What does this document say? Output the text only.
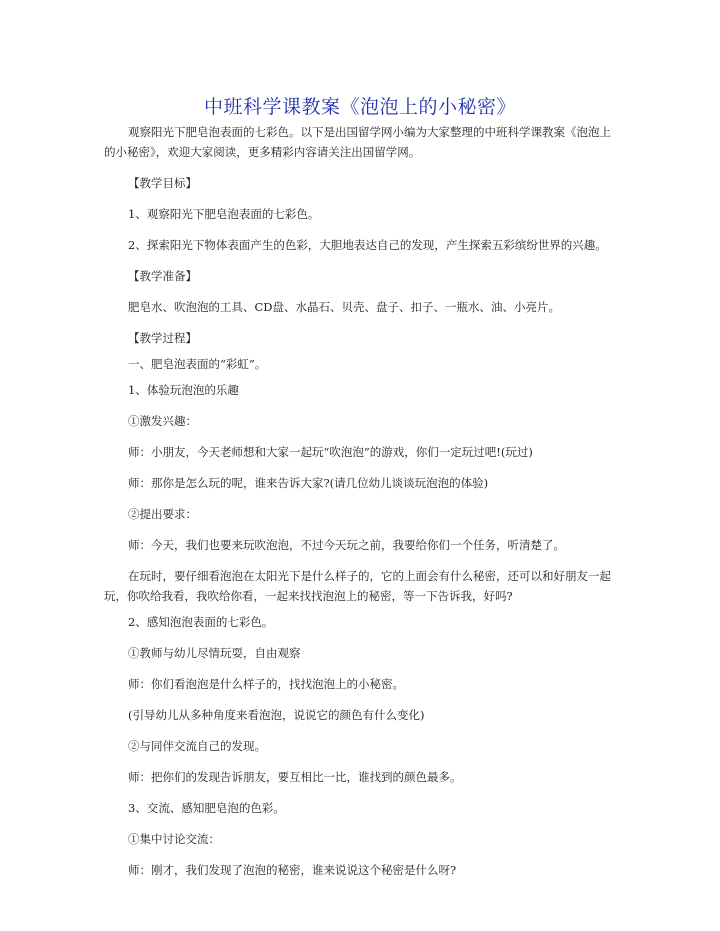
中班科学课教案《泡泡上的小秘密》

观察阳光下肥皂泡表面的七彩色。以下是出国留学网小编为大家整理的中班科学课教案《泡泡上的小秘密》，欢迎大家阅读，更多精彩内容请关注出国留学网。

【教学目标】

1、观察阳光下肥皂泡表面的七彩色。

2、探索阳光下物体表面产生的色彩，大胆地表达自己的发现，产生探索五彩缤纷世界的兴趣。

【教学准备】

肥皂水、吹泡泡的工具、CD盘、水晶石、贝壳、盘子、扣子、一瓶水、油、小亮片。

【教学过程】

一、肥皂泡表面的“彩虹”。

1、体验玩泡泡的乐趣

①激发兴趣：

师：小朋友，今天老师想和大家一起玩“吹泡泡”的游戏，你们一定玩过吧!(玩过)

师：那你是怎么玩的呢，谁来告诉大家?(请几位幼儿谈谈玩泡泡的体验)

②提出要求：

师：今天，我们也要来玩吹泡泡，不过今天玩之前，我要给你们一个任务，听清楚了。

在玩时，要仔细看泡泡在太阳光下是什么样子的，它的上面会有什么秘密，还可以和好朋友一起玩，你吹给我看，我吹给你看，一起来找找泡泡上的秘密，等一下告诉我，好吗?

2、感知泡泡表面的七彩色。

①教师与幼儿尽情玩耍，自由观察

师：你们看泡泡是什么样子的，找找泡泡上的小秘密。

(引导幼儿从多种角度来看泡泡，说说它的颜色有什么变化)

②与同伴交流自己的发现。

师：把你们的发现告诉朋友，要互相比一比，谁找到的颜色最多。

3、交流、感知肥皂泡的色彩。

①集中讨论交流：

师：刚才，我们发现了泡泡的秘密，谁来说说这个秘密是什么呀?
